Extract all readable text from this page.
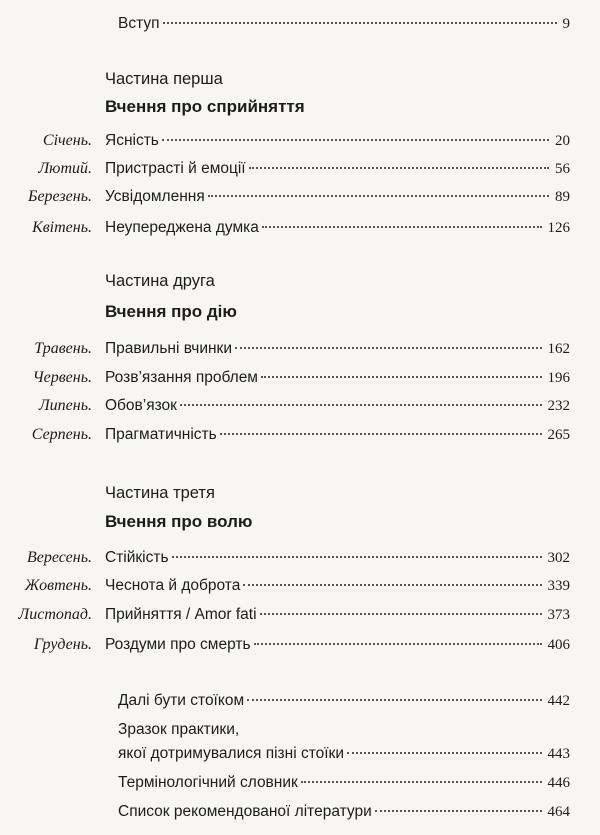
Вступ	9
Частина перша
Вчення про сприйняття
Січень. Ясність	20
Лютий. Пристрасті й емоції	56
Березень. Усвідомлення	89
Квітень. Неупереджена думка	126
Частина друга
Вчення про дію
Травень. Правильні вчинки	162
Червень. Розв’язання проблем	196
Липень. Обов’язок	232
Серпень. Прагматичність	265
Частина третя
Вчення про волю
Вересень. Стійкість	302
Жовтень. Чеснота й доброта	339
Листопад. Прийняття / Amor fati	373
Грудень. Роздуми про смерть	406
Далі бути стоїком	442
Зразок практики,
якої дотримувалися пізні стоїки	443
Термінологічний словник	446
Список рекомендованої літератури	464
